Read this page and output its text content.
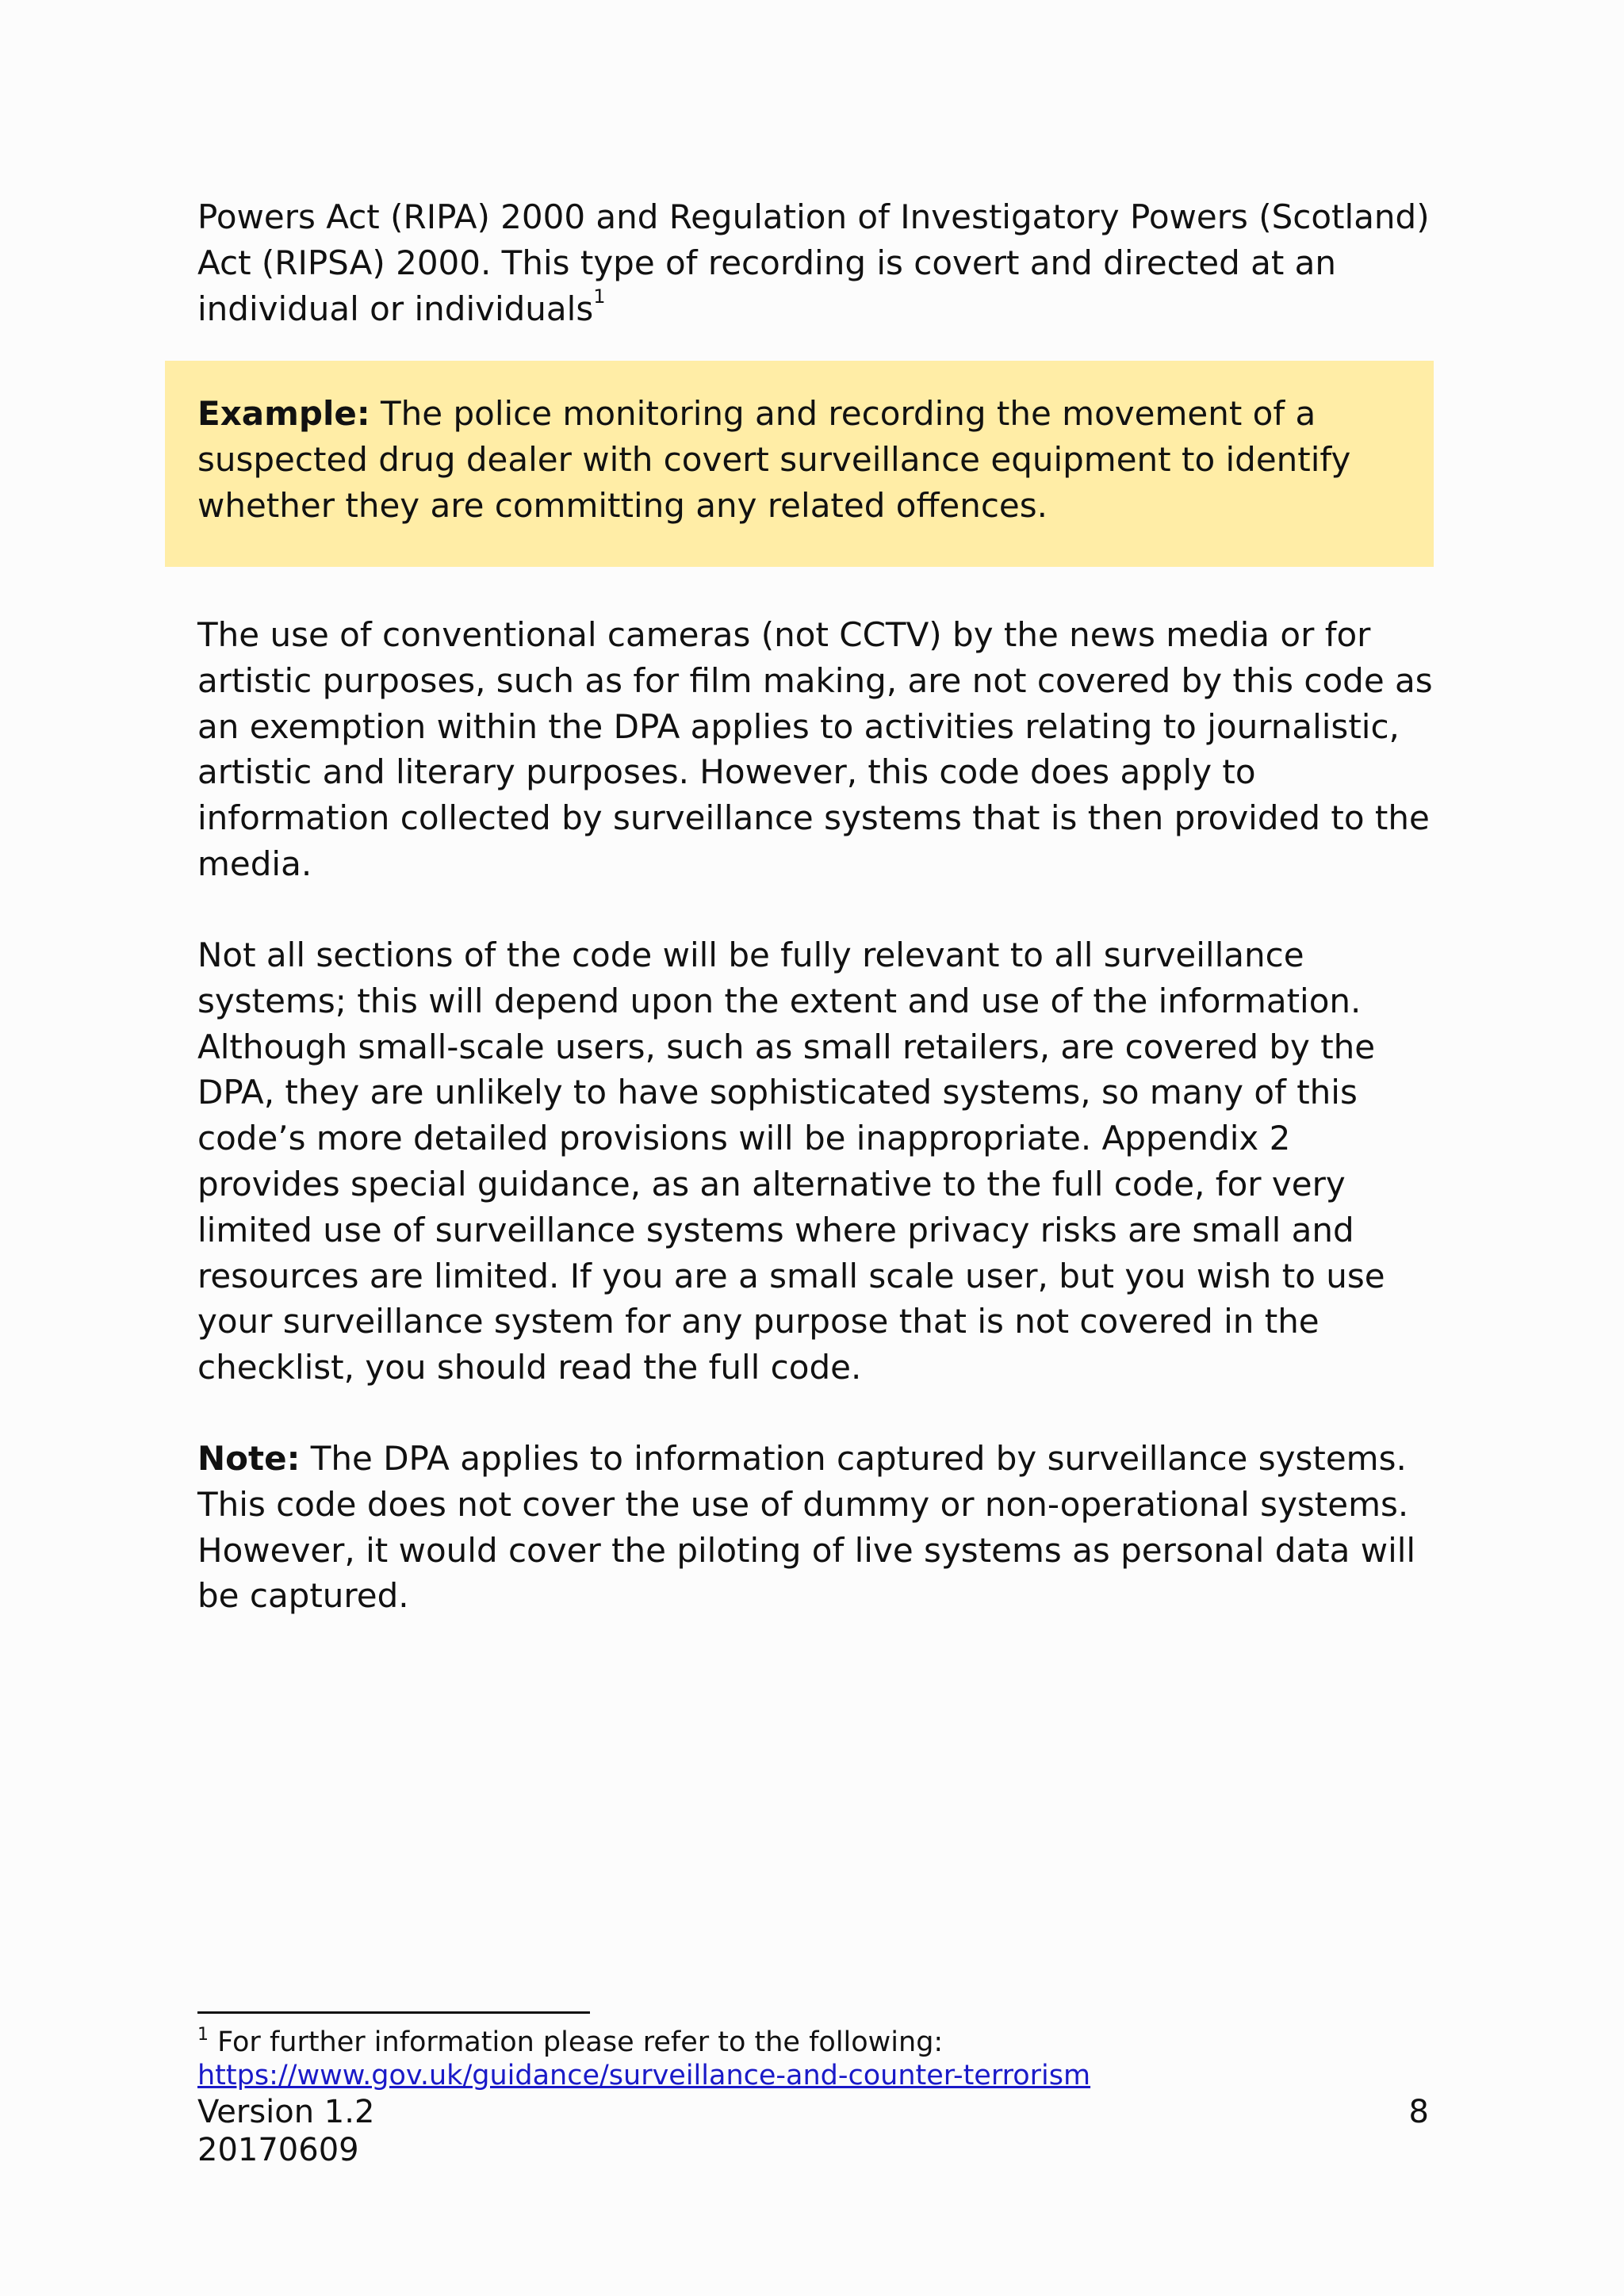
Powers Act (RIPA) 2000 and Regulation of Investigatory Powers (Scotland) Act (RIPSA) 2000. This type of recording is covert and directed at an individual or individuals$^1$

Example: The police monitoring and recording the movement of a suspected drug dealer with covert surveillance equipment to identify whether they are committing any related offences.

The use of conventional cameras (not CCTV) by the news media or for artistic purposes, such as for film making, are not covered by this code as an exemption within the DPA applies to activities relating to journalistic, artistic and literary purposes. However, this code does apply to information collected by surveillance systems that is then provided to the media.

Not all sections of the code will be fully relevant to all surveillance systems; this will depend upon the extent and use of the information. Although small-scale users, such as small retailers, are covered by the DPA, they are unlikely to have sophisticated systems, so many of this code’s more detailed provisions will be inappropriate. Appendix 2 provides special guidance, as an alternative to the full code, for very limited use of surveillance systems where privacy risks are small and resources are limited. If you are a small scale user, but you wish to use your surveillance system for any purpose that is not covered in the checklist, you should read the full code.

Note: The DPA applies to information captured by surveillance systems. This code does not cover the use of dummy or non-operational systems. However, it would cover the piloting of live systems as personal data will be captured.

$^1$ For further information please refer to the following:
https://www.gov.uk/guidance/surveillance-and-counter-terrorism
Version 1.2
20170609
8
